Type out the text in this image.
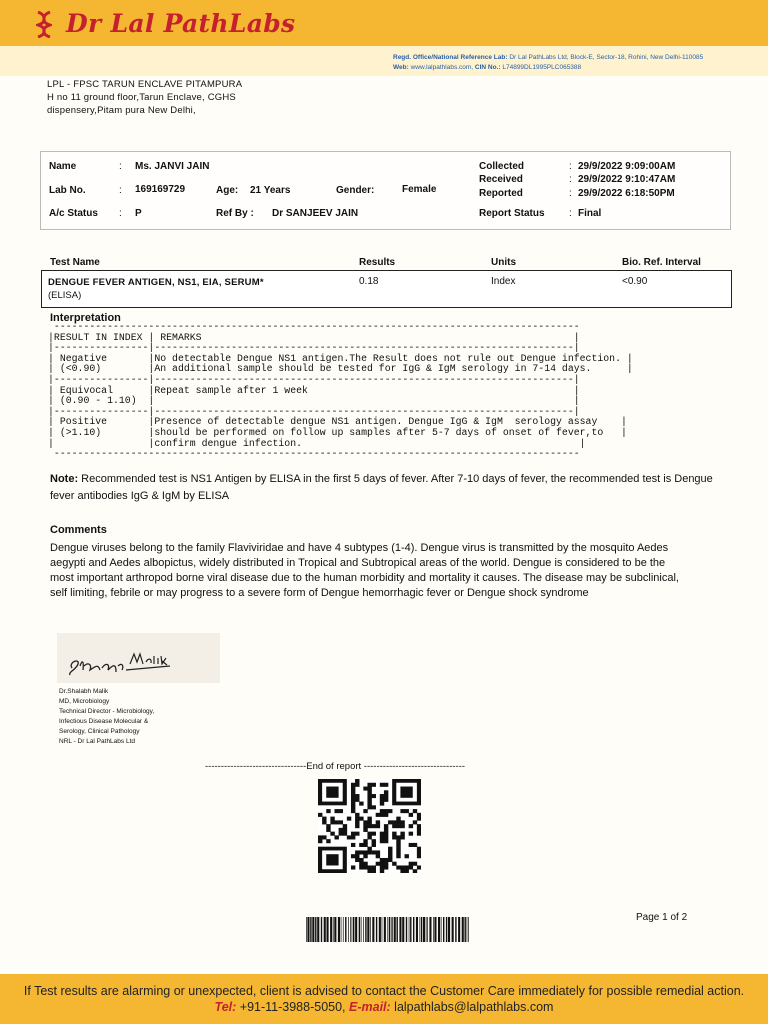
Dr Lal PathLabs
Regd. Office/National Reference Lab: Dr Lal PathLabs Ltd, Block-E, Sector-18, Rohini, New Delhi-110085
Web: www.lalpathlabs.com, CIN No.: L74899DL1995PLC065388
LPL - FPSC TARUN ENCLAVE PITAMPURA
H no 11 ground floor,Tarun Enclave, CGHS
dispensery,Pitam pura New Delhi,
Name	: Ms. JANVI JAIN
Lab No.	: 169169729	Age: 21 Years	Gender:	Female
A/c Status : P	Ref By : Dr SANJEEV JAIN
Collected	: 29/9/2022 9:09:00AM
Received	: 29/9/2022 9:10:47AM
Reported	: 29/9/2022 6:18:50PM
Report Status : Final
Test Name	Results	Units	Bio. Ref. Interval
DENGUE FEVER ANTIGEN, NS1, EIA, SERUM*
(ELISA)
0.18	Index	<0.90
Interpretation
-----------------------------------------------------------------------------------------
|RESULT IN INDEX | REMARKS                                                               |
|----------------|-----------------------------------------------------------------------|
| Negative       |No detectable Dengue NS1 antigen.The Result does not rule out Dengue infection. |
| (<0.90)        |An additional sample should be tested for IgG & IgM serology in 7-14 days.      |
|----------------|-----------------------------------------------------------------------|
| Equivocal      |Repeat sample after 1 week                                             |
| (0.90 - 1.10)  |                                                                       |
|----------------|-----------------------------------------------------------------------|
| Positive       |Presence of detectable dengue NS1 antigen. Dengue IgG & IgM  serology assay    |
| (>1.10)        |should be performed on follow up samples after 5-7 days of onset of fever,to   |
|                |confirm dengue infection.                                               |
-----------------------------------------------------------------------------------------
Note: Recommended test is NS1 Antigen by ELISA in the first 5 days of fever. After 7-10 days of fever, the recommended test is Dengue fever antibodies IgG & IgM by ELISA
Comments
Dengue viruses belong to the family Flaviviridae and have 4 subtypes (1-4). Dengue virus is transmitted by the mosquito Aedes aegypti and Aedes albopictus, widely distributed in Tropical and Subtropical areas of the world. Dengue is considered to be the most important arthropod borne viral disease due to the human morbidity and mortality it causes. The disease may be subclinical, self limiting, febrile or may progress to a severe form of Dengue hemorrhagic fever or Dengue shock syndrome
Dr.Shalabh Malik
MD, Microbiology
Technical Director - Microbiology,
Infectious Disease Molecular &
Serology, Clinical Pathology
NRL - Dr Lal PathLabs Ltd
--------------------------------End of report --------------------------------
Page 1 of 2
If Test results are alarming or unexpected, client is advised to contact the Customer Care immediately for possible remedial action.
Tel: +91-11-3988-5050, E-mail: lalpathlabs@lalpathlabs.com
